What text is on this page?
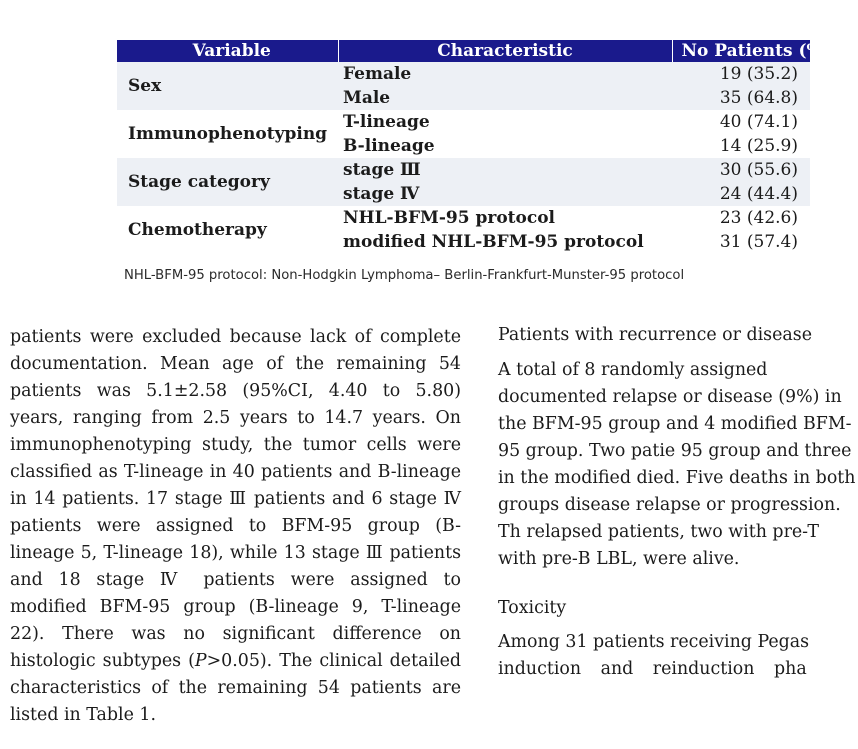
Variable	Characteristic	No Patients (%)
Sex	Female	19 (35.2)
	Male	35 (64.8)
Immunophenotyping	T-lineage	40 (74.1)
	B-lineage	14 (25.9)
Stage category	stage Ⅲ	30 (55.6)
	stage Ⅳ	24 (44.4)
Chemotherapy	NHL-BFM-95 protocol	23 (42.6)
	modified NHL-BFM-95 protocol	31 (57.4)
NHL-BFM-95 protocol: Non-Hodgkin Lymphoma– Berlin-Frankfurt-Munster-95 protocol

patients were excluded because lack of complete documentation. Mean age of the remaining 54 patients was 5.1±2.58 (95%CI, 4.40 to 5.80) years, ranging from 2.5 years to 14.7 years. On immunophenotyping study, the tumor cells were classified as T-lineage in 40 patients and B-lineage in 14 patients. 17 stage Ⅲ patients and 6 stage Ⅳ patients were assigned to BFM-95 group (B-lineage 5, T-lineage 18), while 13 stage Ⅲ patients and 18 stage Ⅳ patients were assigned to modified BFM-95 group (B-lineage 9, T-lineage 22). There was no significant difference on histologic subtypes (P>0.05). The clinical detailed characteristics of the remaining 54 patients are listed in Table 1.

Patients with recurrence or disease
A total of 8 randomly assigned documented relapse or disease (9%) in the BFM-95 group and 4 modified BFM-95 group. Two patie 95 group and three in the modified died. Five deaths in both groups disease relapse or progression. Th relapsed patients, two with pre-T with pre-B LBL, were alive.
Toxicity
Among 31 patients receiving Pegas induction and reinduction pha
